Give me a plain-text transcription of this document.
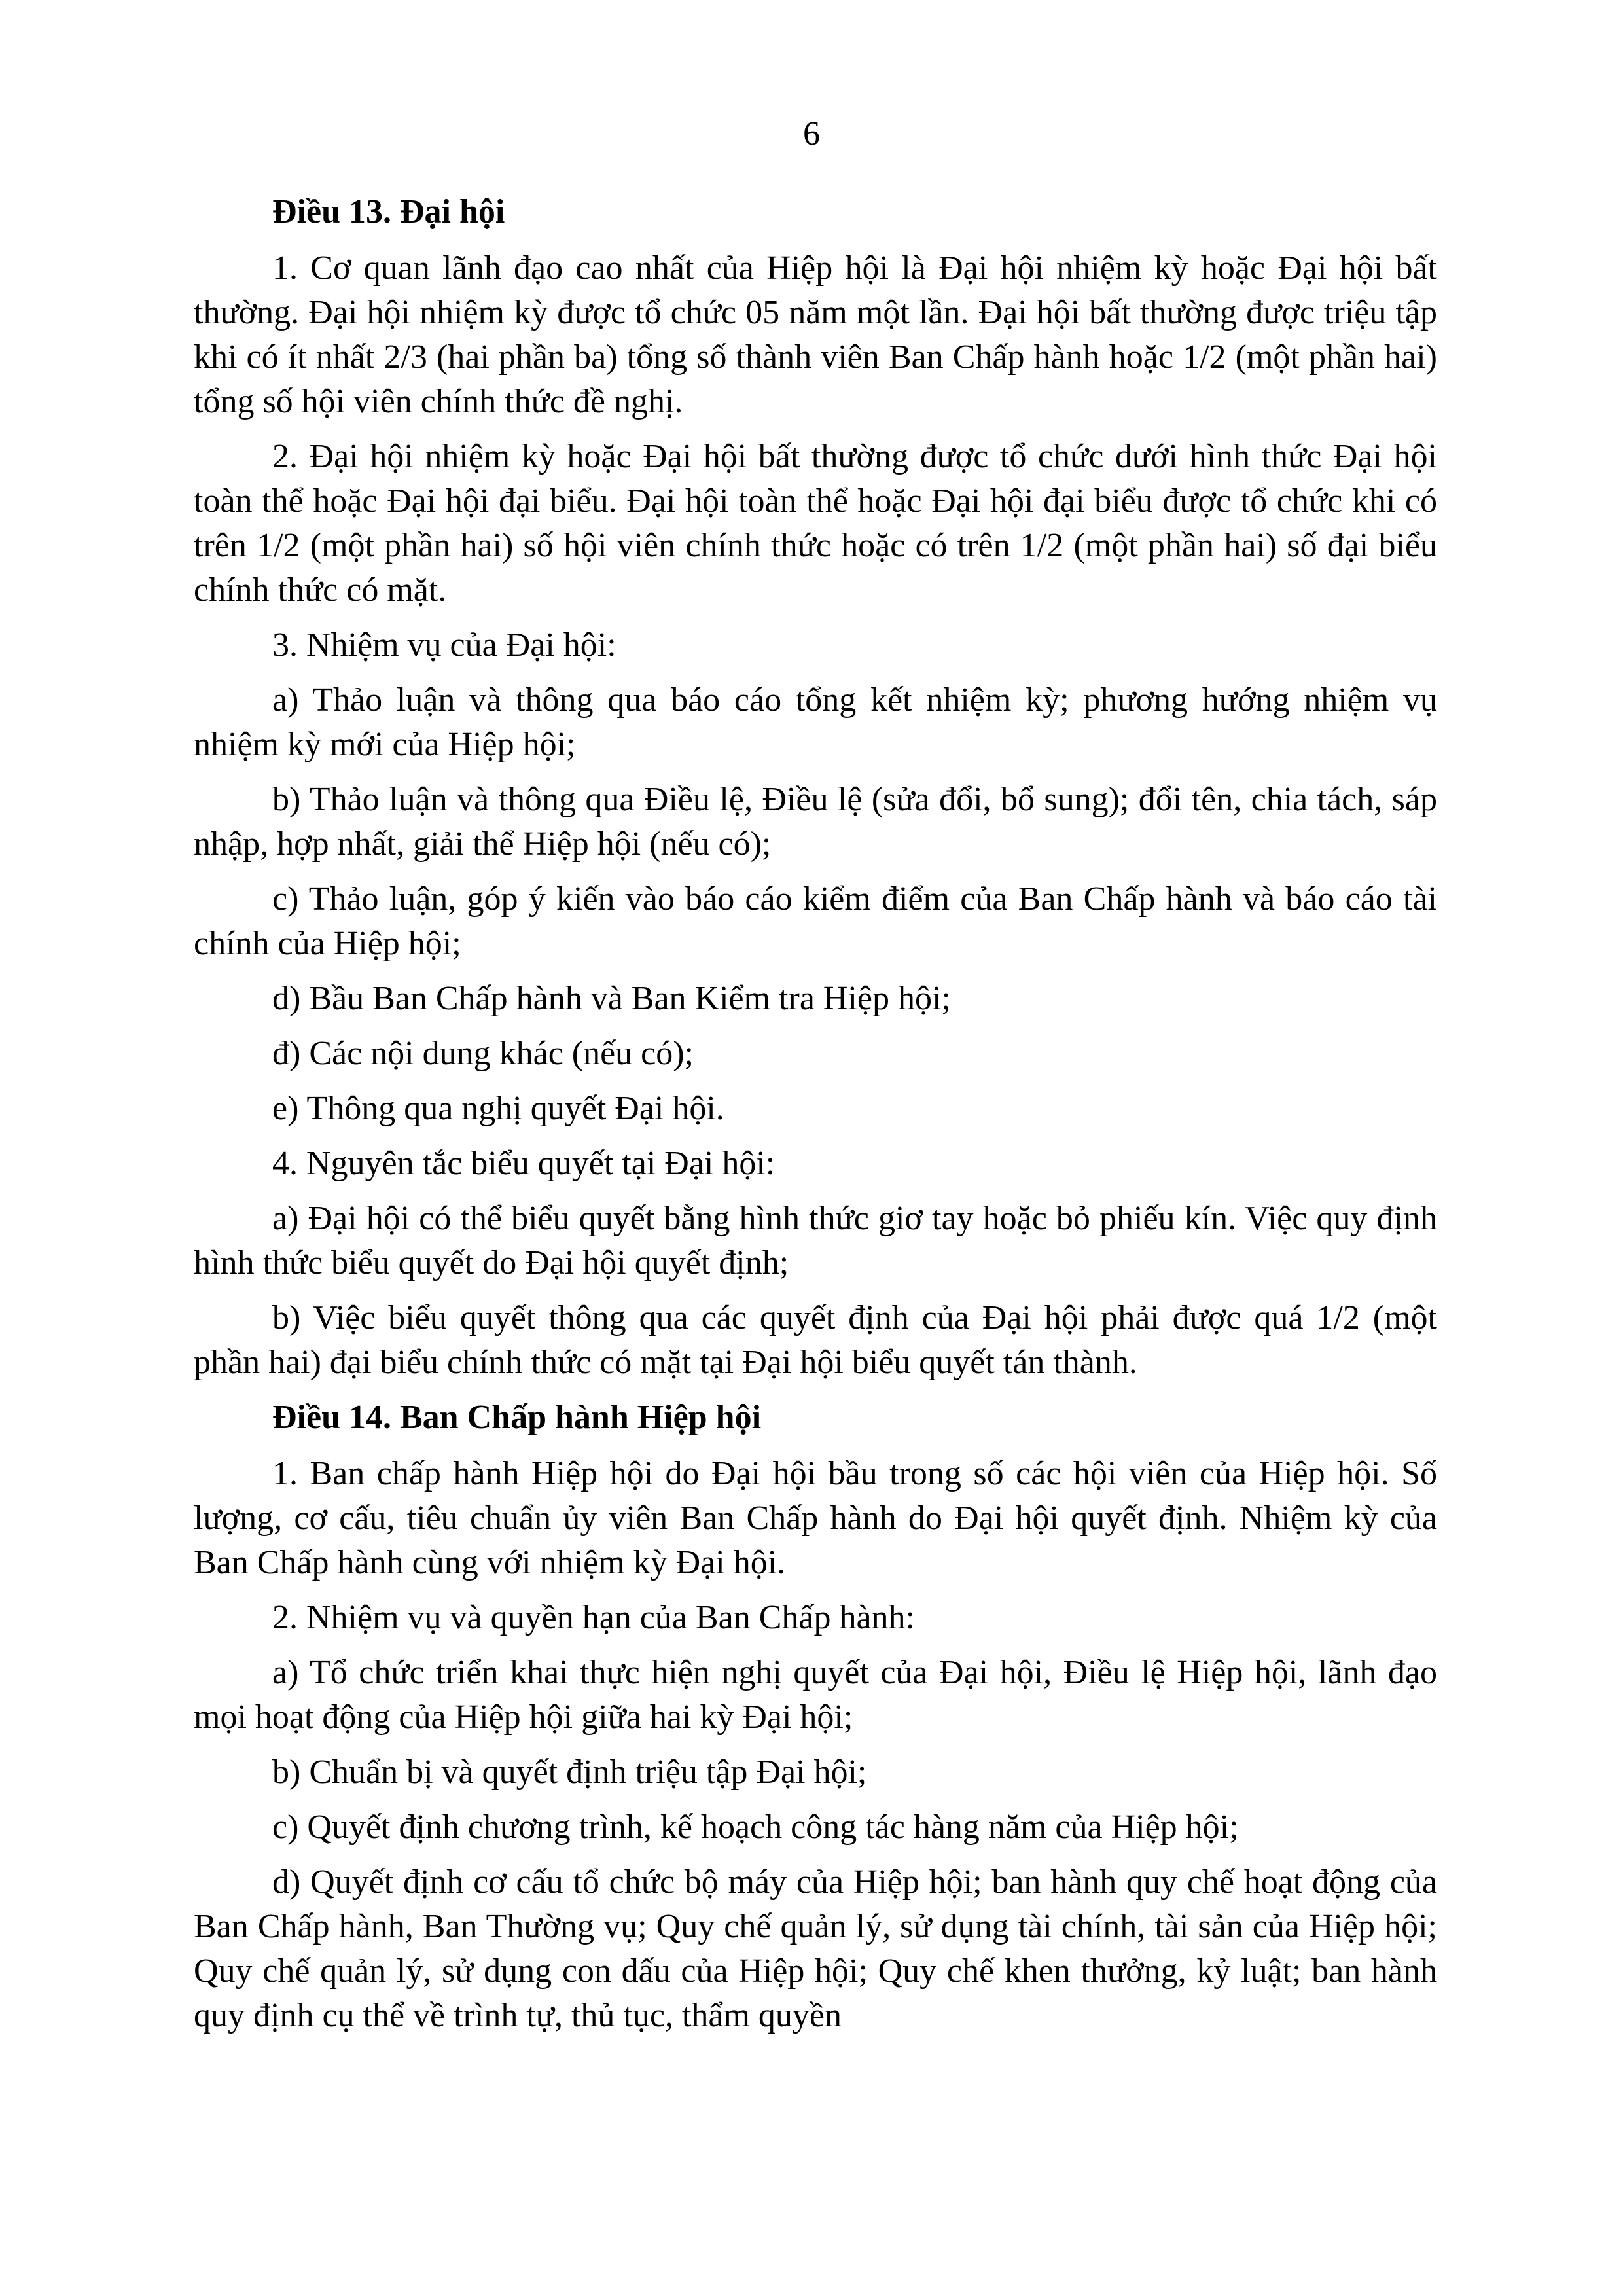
6
Điều 13. Đại hội

1. Cơ quan lãnh đạo cao nhất của Hiệp hội là Đại hội nhiệm kỳ hoặc Đại hội bất thường. Đại hội nhiệm kỳ được tổ chức 05 năm một lần. Đại hội bất thường được triệu tập khi có ít nhất 2/3 (hai phần ba) tổng số thành viên Ban Chấp hành hoặc 1/2 (một phần hai) tổng số hội viên chính thức đề nghị.

2. Đại hội nhiệm kỳ hoặc Đại hội bất thường được tổ chức dưới hình thức Đại hội toàn thể hoặc Đại hội đại biểu. Đại hội toàn thể hoặc Đại hội đại biểu được tổ chức khi có trên 1/2 (một phần hai) số hội viên chính thức hoặc có trên 1/2 (một phần hai) số đại biểu chính thức có mặt.

3. Nhiệm vụ của Đại hội:

a) Thảo luận và thông qua báo cáo tổng kết nhiệm kỳ; phương hướng nhiệm vụ nhiệm kỳ mới của Hiệp hội;

b) Thảo luận và thông qua Điều lệ, Điều lệ (sửa đổi, bổ sung); đổi tên, chia tách, sáp nhập, hợp nhất, giải thể Hiệp hội (nếu có);

c) Thảo luận, góp ý kiến vào báo cáo kiểm điểm của Ban Chấp hành và báo cáo tài chính của Hiệp hội;

d) Bầu Ban Chấp hành và Ban Kiểm tra Hiệp hội;

đ) Các nội dung khác (nếu có);

e) Thông qua nghị quyết Đại hội.

4. Nguyên tắc biểu quyết tại Đại hội:

a) Đại hội có thể biểu quyết bằng hình thức giơ tay hoặc bỏ phiếu kín. Việc quy định hình thức biểu quyết do Đại hội quyết định;

b) Việc biểu quyết thông qua các quyết định của Đại hội phải được quá 1/2 (một phần hai) đại biểu chính thức có mặt tại Đại hội biểu quyết tán thành.

Điều 14. Ban Chấp hành Hiệp hội

1. Ban chấp hành Hiệp hội do Đại hội bầu trong số các hội viên của Hiệp hội. Số lượng, cơ cấu, tiêu chuẩn ủy viên Ban Chấp hành do Đại hội quyết định. Nhiệm kỳ của Ban Chấp hành cùng với nhiệm kỳ Đại hội.

2. Nhiệm vụ và quyền hạn của Ban Chấp hành:

a) Tổ chức triển khai thực hiện nghị quyết của Đại hội, Điều lệ Hiệp hội, lãnh đạo mọi hoạt động của Hiệp hội giữa hai kỳ Đại hội;

b) Chuẩn bị và quyết định triệu tập Đại hội;

c) Quyết định chương trình, kế hoạch công tác hàng năm của Hiệp hội;

d) Quyết định cơ cấu tổ chức bộ máy của Hiệp hội; ban hành quy chế hoạt động của Ban Chấp hành, Ban Thường vụ; Quy chế quản lý, sử dụng tài chính, tài sản của Hiệp hội; Quy chế quản lý, sử dụng con dấu của Hiệp hội; Quy chế khen thưởng, kỷ luật; ban hành quy định cụ thể về trình tự, thủ tục, thẩm quyền
